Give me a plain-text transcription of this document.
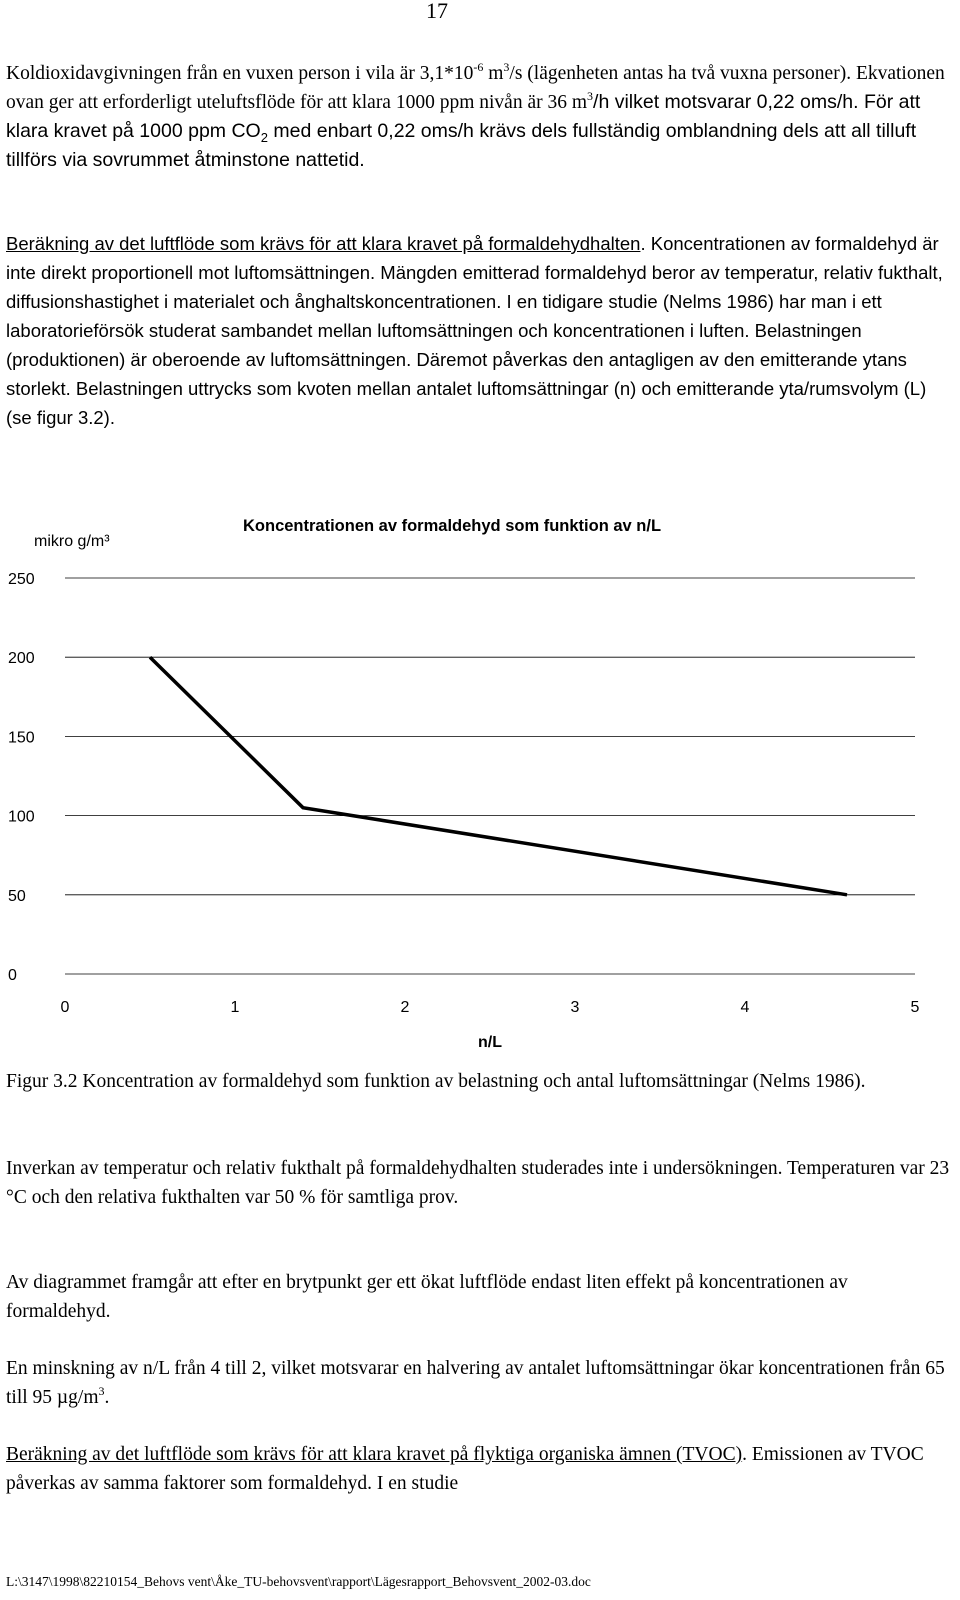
17

Koldioxidavgivningen från en vuxen person i vila är $3,1*10^{-6}$ $m^3/s$ (lägenheten antas ha två vuxna personer). Ekvationen ovan ger att erforderligt uteluftsflöde för att klara 1000 ppm nivån är 36 $m^3/h$ vilket motsvarar 0,22 oms/h. För att klara kravet på 1000 ppm $CO_2$ med enbart 0,22 oms/h krävs dels fullständig omblandning dels att all tilluft tillförs via sovrummet åtminstone nattetid.

Beräkning av det luftflöde som krävs för att klara kravet på formaldehydhalten. Koncentrationen av formaldehyd är inte direkt proportionell mot luftomsättningen. Mängden emitterad formaldehyd beror av temperatur, relativ fukthalt, diffusionshastighet i materialet och ånghaltskoncentrationen. I en tidigare studie (Nelms 1986) har man i ett laboratorieförsök studerat sambandet mellan luftomsättningen och koncentrationen i luften. Belastningen (produktionen) är oberoende av luftomsättningen. Däremot påverkas den antagligen av den emitterande ytans storlekt. Belastningen uttrycks som kvoten mellan antalet luftomsättningar (n) och emitterande yta/rumsvolym (L) (se figur 3.2).

mikro g/m³
Koncentrationen av formaldehyd som funktion av n/L
0
50
100
150
200
250
0	1	2	3	4	5
n/L

Figur 3.2 Koncentration av formaldehyd som funktion av belastning och antal luftomsättningar (Nelms 1986).

Inverkan av temperatur och relativ fukthalt på formaldehydhalten studerades inte i undersökningen. Temperaturen var 23 °C och den relativa fukthalten var 50 % för samtliga prov.

Av diagrammet framgår att efter en brytpunkt ger ett ökat luftflöde endast liten effekt på koncentrationen av formaldehyd.

En minskning av n/L från 4 till 2, vilket motsvarar en halvering av antalet luftomsättningar ökar koncentrationen från 65 till 95 $\mu g/m^3$.

Beräkning av det luftflöde som krävs för att klara kravet på flyktiga organiska ämnen (TVOC). Emissionen av TVOC påverkas av samma faktorer som formaldehyd. I en studie

L:\3147\1998\82210154_Behovs vent\Åke_TU-behovsvent\rapport\Lägesrapport_Behovsvent_2002-03.doc
